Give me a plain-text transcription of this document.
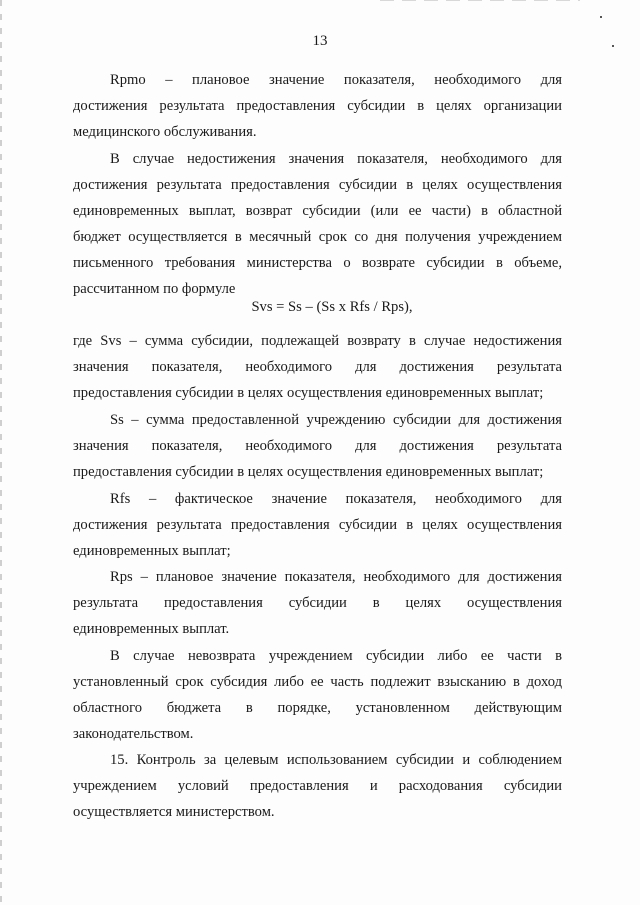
13
Rpmo – плановое значение показателя, необходимого для
достижения результата предоставления субсидии в целях организации
медицинского обслуживания.
В случае недостижения значения показателя, необходимого для
достижения результата предоставления субсидии в целях осуществления
единовременных выплат, возврат субсидии (или ее части) в областной
бюджет осуществляется в месячный срок со дня получения учреждением
письменного требования министерства о возврате субсидии в объеме,
рассчитанном по формуле
Svs = Ss – (Ss x Rfs / Rps),
где Svs – сумма субсидии, подлежащей возврату в случае недостижения
значения показателя, необходимого для достижения результата
предоставления субсидии в целях осуществления единовременных выплат;
Ss – сумма предоставленной учреждению субсидии для достижения
значения показателя, необходимого для достижения результата
предоставления субсидии в целях осуществления единовременных выплат;
Rfs – фактическое значение показателя, необходимого для
достижения результата предоставления субсидии в целях осуществления
единовременных выплат;
Rps – плановое значение показателя, необходимого для достижения
результата предоставления субсидии в целях осуществления
единовременных выплат.
В случае невозврата учреждением субсидии либо ее части в
установленный срок субсидия либо ее часть подлежит взысканию в доход
областного бюджета в порядке, установленном действующим
законодательством.
15. Контроль за целевым использованием субсидии и соблюдением
учреждением условий предоставления и расходования субсидии
осуществляется министерством.
